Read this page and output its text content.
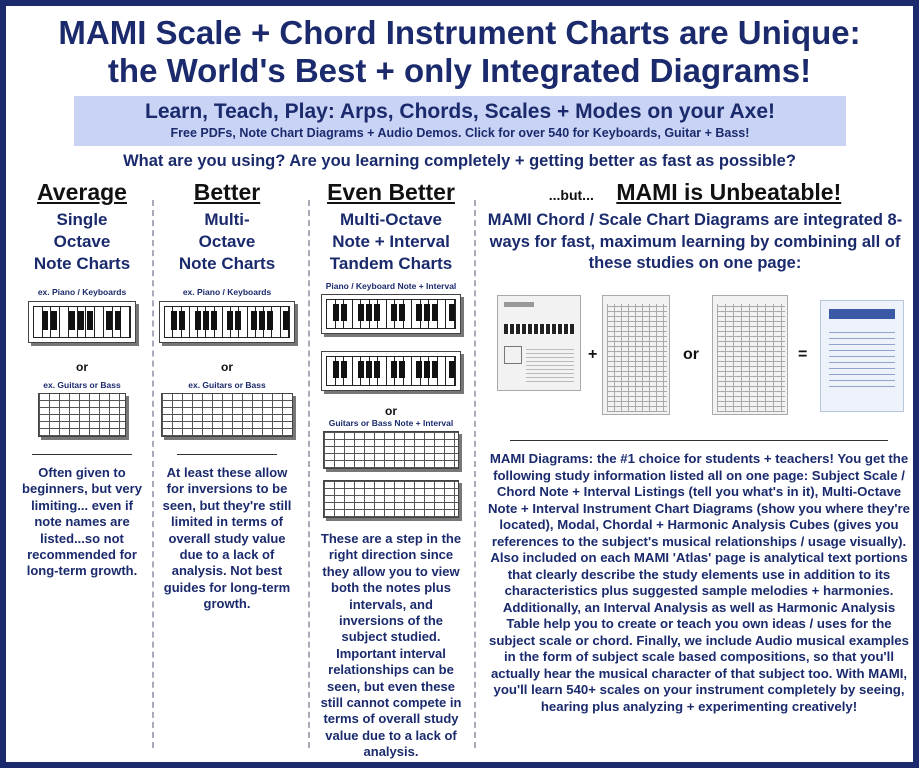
MAMI Scale + Chord Instrument Charts are Unique:
the World's Best + only Integrated Diagrams!
Learn, Teach, Play: Arps, Chords, Scales + Modes on your Axe!
Free PDFs, Note Chart Diagrams + Audio Demos. Click for over 540 for Keyboards, Guitar + Bass!
What are you using? Are you learning completely + getting better as fast as possible?
Average
Single
Octave
Note Charts
ex. Piano / Keyboards
or
ex. Guitars or Bass
Often given to beginners, but very limiting... even if note names are listed...so not recommended for long-term growth.
Better
Multi-
Octave
Note Charts
ex. Piano / Keyboards
or
ex. Guitars or Bass
At least these allow for inversions to be seen, but they're still limited in terms of overall study value due to a lack of analysis. Not best guides for long-term growth.
Even Better
Multi-Octave
Note + Interval
Tandem Charts
Piano / Keyboard Note + Interval

or
Guitars or Bass Note + Interval

These are a step in the right direction since they allow you to view both the notes plus intervals, and inversions of the subject studied. Important interval relationships can be seen, but even these still cannot compete in terms of overall study value due to a lack of analysis.
...but... MAMI is Unbeatable!
MAMI Chord / Scale Chart Diagrams are integrated 8-ways for fast, maximum learning by combining all of these studies on one page:
+	or	=
MAMI Diagrams: the #1 choice for students + teachers! You get the following study information listed all on one page: Subject Scale / Chord Note + Interval Listings (tell you what's in it), Multi-Octave Note + Interval Instrument Chart Diagrams (show you where they're located), Modal, Chordal + Harmonic Analysis Cubes (gives you references to the subject's musical relationships / usage visually). Also included on each MAMI 'Atlas' page is analytical text portions that clearly describe the study elements use in addition to its characteristics plus suggested sample melodies + harmonies. Additionally, an Interval Analysis as well as Harmonic Analysis Table help you to create or teach you own ideas / uses for the subject scale or chord. Finally, we include Audio musical examples in the form of subject scale based compositions, so that you'll actually hear the musical character of that subject too. With MAMI, you'll learn 540+ scales on your instrument completely by seeing, hearing plus analyzing + experimenting creatively!
